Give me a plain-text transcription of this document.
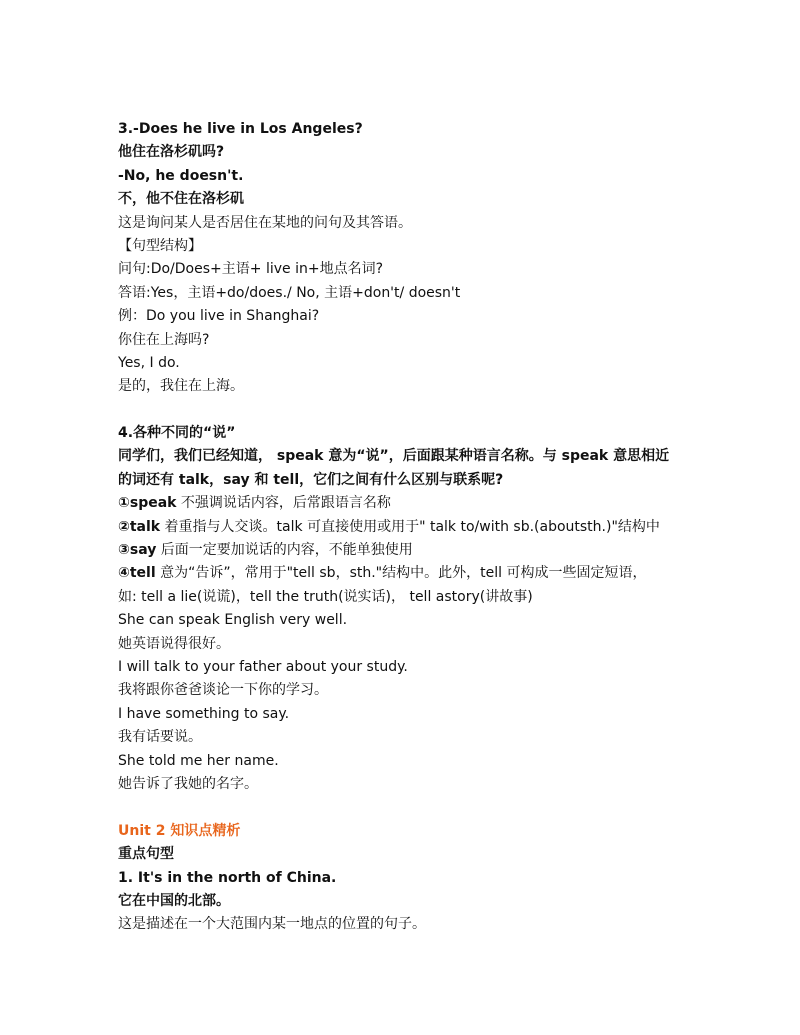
3.-Does he live in Los Angeles?
他住在洛杉矶吗?
-No, he doesn't.
不，他不住在洛杉矶
这是询问某人是否居住在某地的问句及其答语。
【句型结构】
问句:Do/Does+主语+ live in+地点名词?
答语:Yes，主语+do/does./ No, 主语+don't/ doesn't
例：Do you live in Shanghai?
你住在上海吗?
Yes, I do.
是的，我住在上海。
4.各种不同的“说”
同学们，我们已经知道， speak 意为“说”，后面跟某种语言名称。与 speak 意思相近
的词还有 talk，say 和 tell，它们之间有什么区别与联系呢?
①speak 不强调说话内容，后常跟语言名称
②talk 着重指与人交谈。talk 可直接使用或用于" talk to/with sb.(aboutsth.)"结构中
③say 后面一定要加说话的内容，不能单独使用
④tell 意为“告诉”，常用于"tell sb，sth."结构中。此外，tell 可构成一些固定短语，
如: tell a lie(说谎)，tell the truth(说实话)， tell astory(讲故事)
She can speak English very well.
她英语说得很好。
I will talk to your father about your study.
我将跟你爸爸谈论一下你的学习。
I have something to say.
我有话要说。
She told me her name.
她告诉了我她的名字。
Unit 2 知识点精析
重点句型
1. It's in the north of China.
它在中国的北部。
这是描述在一个大范围内某一地点的位置的句子。
